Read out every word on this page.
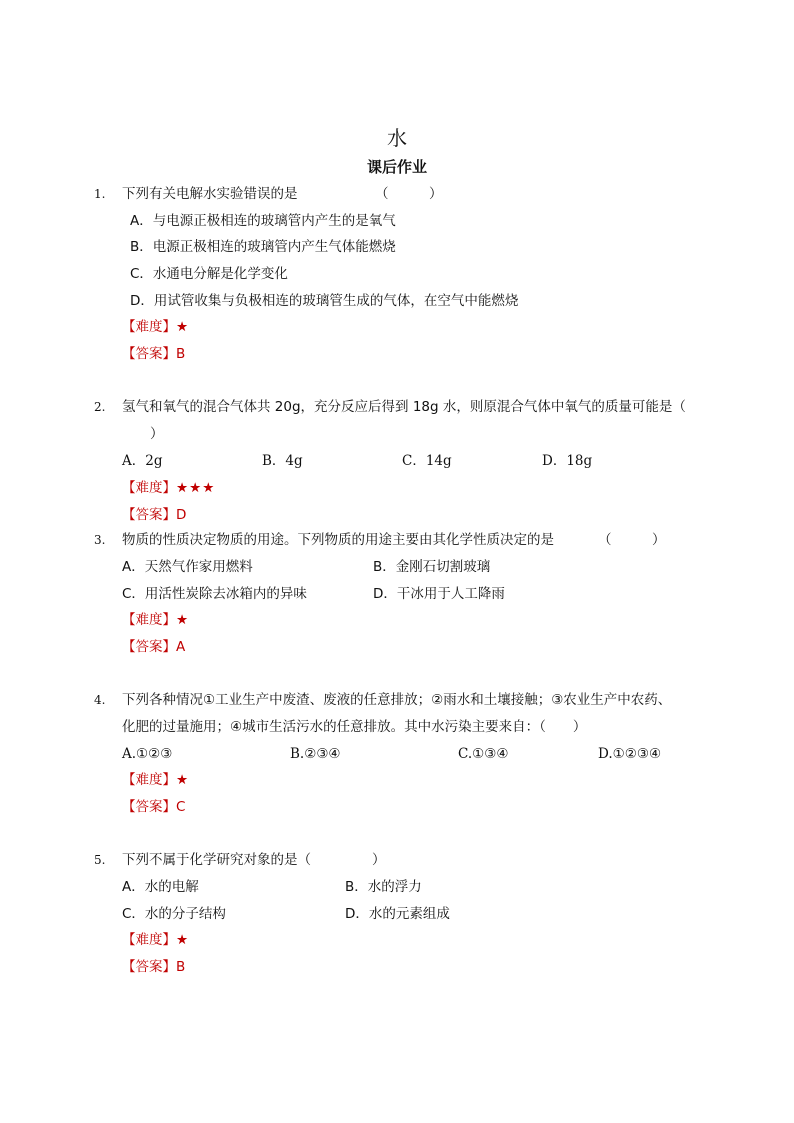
水
课后作业
1. 下列有关电解水实验错误的是	（　　　）
A．与电源正极相连的玻璃管内产生的是氧气
B．电源正极相连的玻璃管内产生气体能燃烧
C．水通电分解是化学变化
D．用试管收集与负极相连的玻璃管生成的气体，在空气中能燃烧
【难度】★
【答案】B
2. 氢气和氧气的混合气体共 20g，充分反应后得到 18g 水，则原混合气体中氧气的质量可能是（
）
A．2g	B．4g	C．14g	D．18g
【难度】★★★
【答案】D
3. 物质的性质决定物质的用途。下列物质的用途主要由其化学性质决定的是	（　　　）
A．天然气作家用燃料	B．金刚石切割玻璃
C．用活性炭除去冰箱内的异味	D．干冰用于人工降雨
【难度】★
【答案】A
4. 下列各种情况①工业生产中废渣、废液的任意排放；②雨水和土壤接触；③农业生产中农药、
化肥的过量施用；④城市生活污水的任意排放。其中水污染主要来自：（　　）
A.①②③	B.②③④	C.①③④	D.①②③④
【难度】★
【答案】C
5. 下列不属于化学研究对象的是（	）
A．水的电解	B．水的浮力
C．水的分子结构	D．水的元素组成
【难度】★
【答案】B
